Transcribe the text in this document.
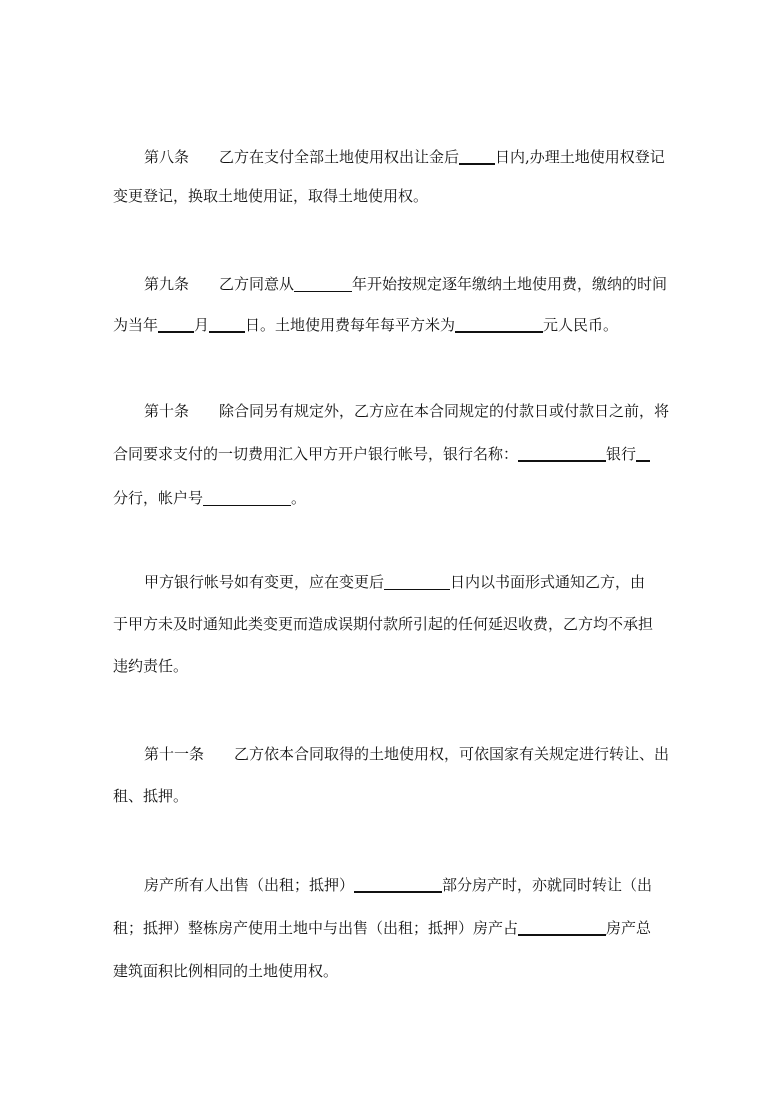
第八条 乙方在支付全部土地使用权出让金后 日内,办理土地使用权登记
变更登记，换取土地使用证，取得土地使用权。
第九条 乙方同意从	年开始按规定逐年缴纳土地使用费，缴纳的时间
为当年 月 日。土地使用费每年每平方米为	元人民币。
第十条 除合同另有规定外，乙方应在本合同规定的付款日或付款日之前，将
合同要求支付的一切费用汇入甲方开户银行帐号，银行名称：	银行
分行，帐户号	。
甲方银行帐号如有变更，应在变更后	日内以书面形式通知乙方，由
于甲方未及时通知此类变更而造成误期付款所引起的任何延迟收费，乙方均不承担
违约责任。
第十一条 乙方依本合同取得的土地使用权，可依国家有关规定进行转让、出
租、抵押。
房产所有人出售（出租；抵押）	部分房产时，亦就同时转让（出
租；抵押）整栋房产使用土地中与出售（出租；抵押）房产占	房产总
建筑面积比例相同的土地使用权。
